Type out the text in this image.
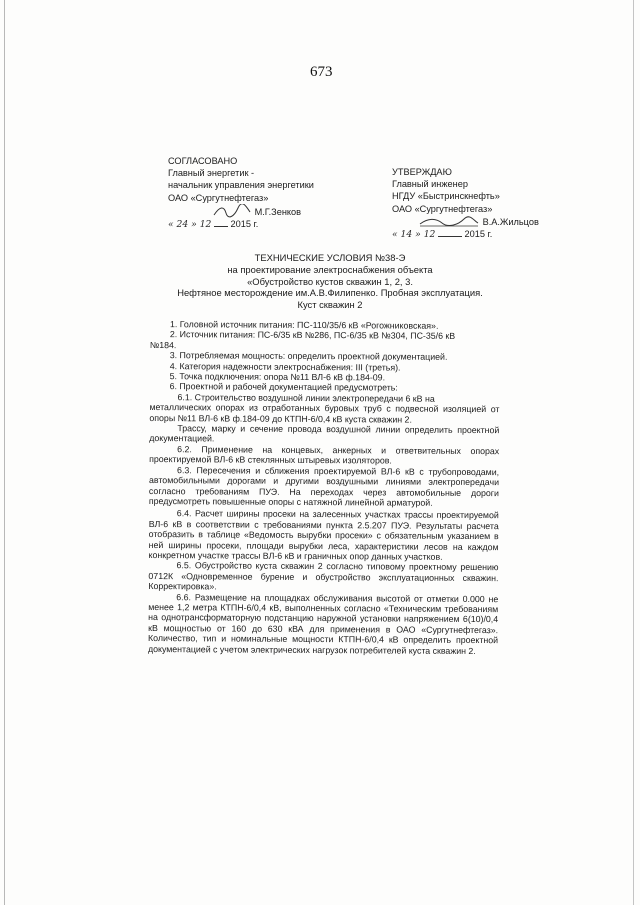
673
СОГЛАСОВАНО
Главный энергетик -
начальник управления энергетики
ОАО «Сургутнефтегаз»
М.Г.Зенков
« 24 » 12 2015 г.
УТВЕРЖДАЮ
Главный инженер
НГДУ «Быстринскнефть»
ОАО «Сургутнефтегаз»
В.А.Жильцов
« 14 » 12	2015 г.
ТЕХНИЧЕСКИЕ УСЛОВИЯ №38-Э
на проектирование электроснабжения объекта
«Обустройство кустов скважин 1, 2, 3.
Нефтяное месторождение им.А.В.Филипенко. Пробная эксплуатация.
Куст скважин 2
1. Головной источник питания: ПС-110/35/6 кВ «Рогожниковская».
2. Источник питания: ПС-6/35 кВ №286, ПС-6/35 кВ №304, ПС-35/6 кВ
№184.
3. Потребляемая мощность: определить проектной документацией.
4. Категория надежности электроснабжения: III (третья).
5. Точка подключения: опора №11 ВЛ-6 кВ ф.184-09.
6. Проектной и рабочей документацией предусмотреть:
6.1. Строительство воздушной линии электропередачи 6 кВ на
металлических опорах из отработанных буровых труб с подвесной изоляцией от опоры №11 ВЛ-6 кВ ф.184-09 до КТПН-6/0,4 кВ куста скважин 2.
Трассу, марку и сечение провода воздушной линии определить проектной документацией.
6.2. Применение на концевых, анкерных и ответвительных опорах проектируемой ВЛ-6 кВ стеклянных штыревых изоляторов.
6.3. Пересечения и сближения проектируемой ВЛ-6 кВ с трубопроводами, автомобильными дорогами и другими воздушными линиями электропередачи согласно требованиям ПУЭ. На переходах через автомобильные дороги предусмотреть повышенные опоры с натяжной линейной арматурой.
6.4. Расчет ширины просеки на залесенных участках трассы проектируемой ВЛ-6 кВ в соответствии с требованиями пункта 2.5.207 ПУЭ. Результаты расчета отобразить в таблице «Ведомость вырубки просеки» с обязательным указанием в ней ширины просеки, площади вырубки леса, характеристики лесов на каждом конкретном участке трассы ВЛ-6 кВ и граничных опор данных участков.
6.5. Обустройство куста скважин 2 согласно типовому проектному решению 0712К «Одновременное бурение и обустройство эксплуатационных скважин. Корректировка».
6.6. Размещение на площадках обслуживания высотой от отметки 0.000 не менее 1,2 метра КТПН-6/0,4 кВ, выполненных согласно «Техническим требованиям на однотрансформаторную подстанцию наружной установки напряжением 6(10)/0,4 кВ мощностью от 160 до 630 кВА для применения в ОАО «Сургутнефтегаз». Количество, тип и номинальные мощности КТПН-6/0,4 кВ определить проектной документацией с учетом электрических нагрузок потребителей куста скважин 2.
